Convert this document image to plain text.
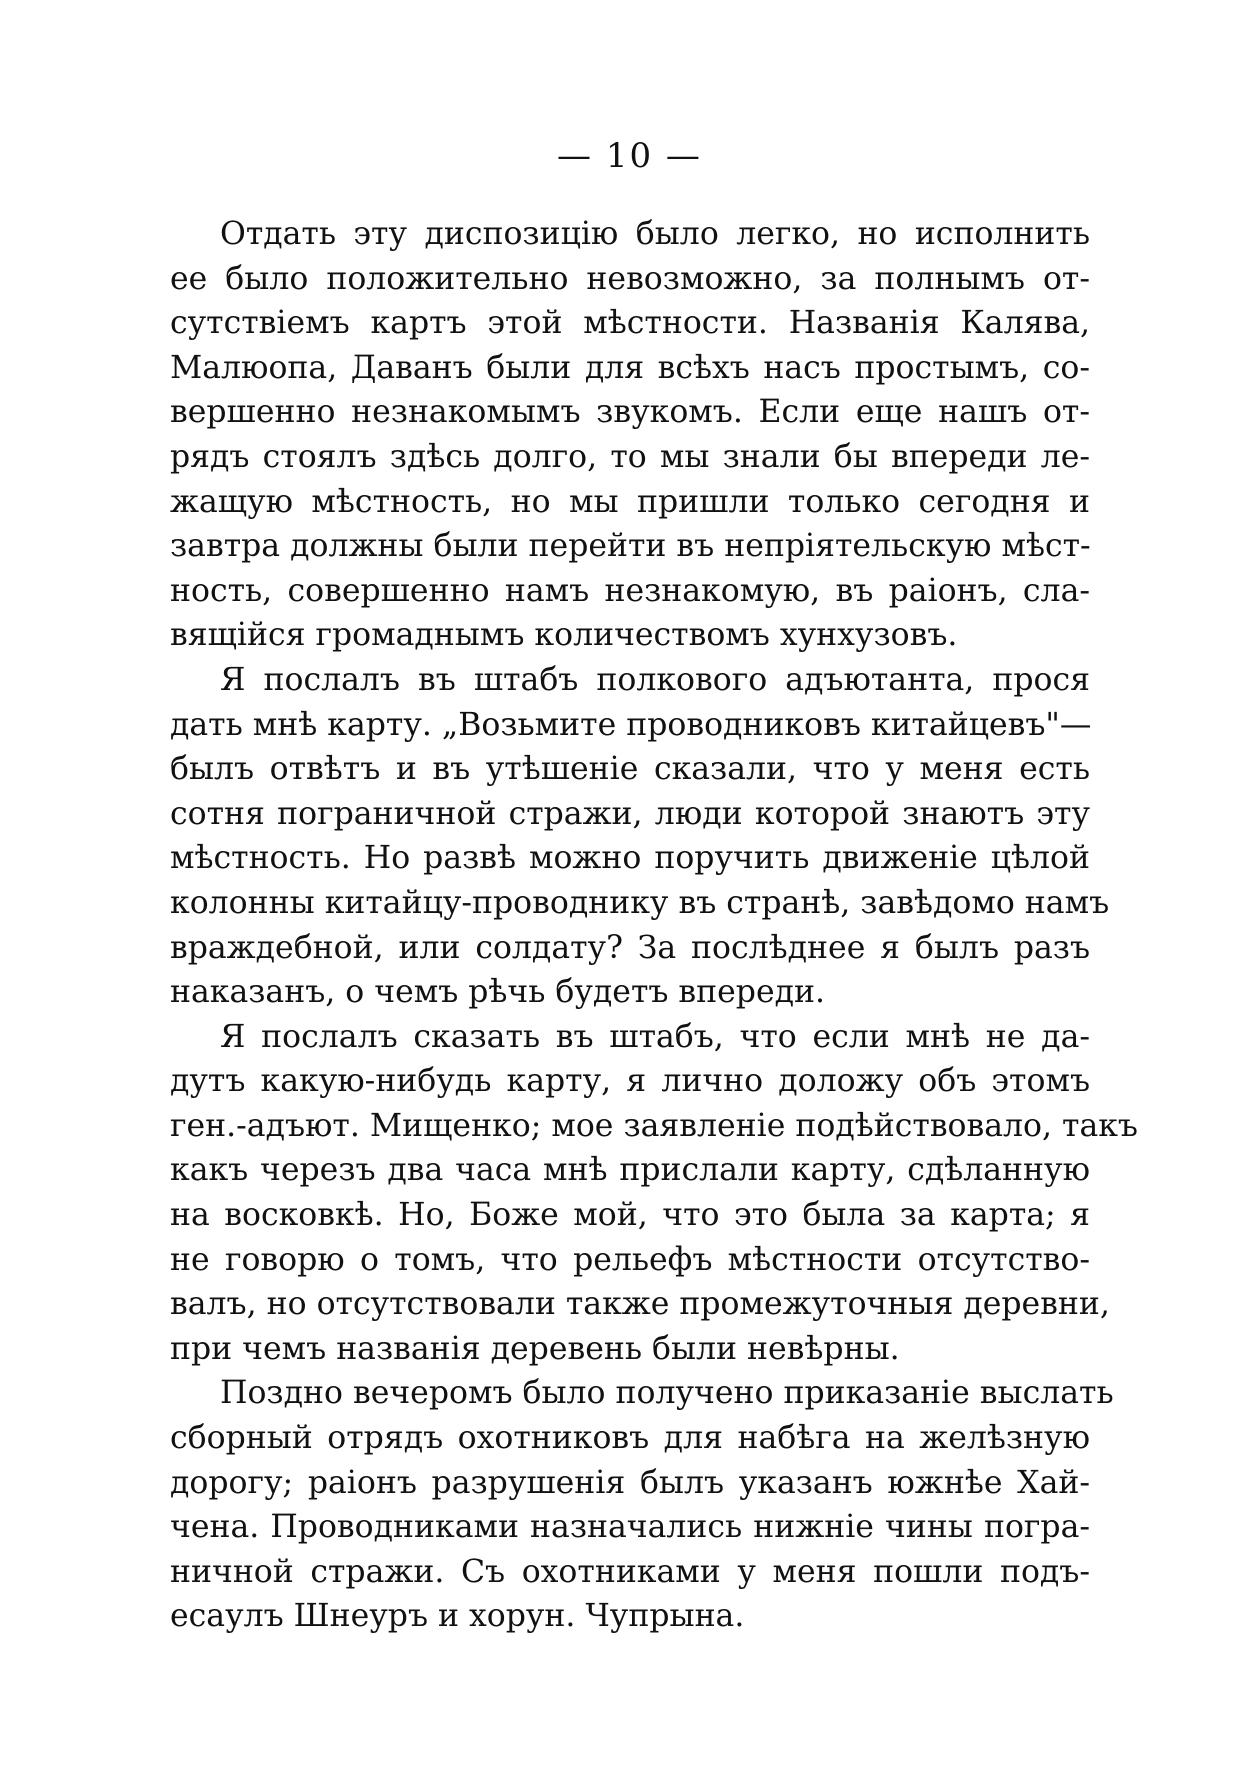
— 10 —
Отдать эту диспозицію было легко, но исполнить
ее было положительно невозможно, за полнымъ от-
сутствіемъ картъ этой мѣстности. Названія Калява,
Малюопа, Даванъ были для всѣхъ насъ простымъ, со-
вершенно незнакомымъ звукомъ. Если еще нашъ от-
рядъ стоялъ здѣсь долго, то мы знали бы впереди ле-
жащую мѣстность, но мы пришли только сегодня и
завтра должны были перейти въ непріятельскую мѣст-
ность, совершенно намъ незнакомую, въ раіонъ, сла-
вящійся громаднымъ количествомъ хунхузовъ.
Я послалъ въ штабъ полкового адъютанта, прося
дать мнѣ карту. „Возьмите проводниковъ китайцевъ"—
былъ отвѣтъ и въ утѣшеніе сказали, что у меня есть
сотня пограничной стражи, люди которой знаютъ эту
мѣстность. Но развѣ можно поручить движеніе цѣлой
колонны китайцу-проводнику въ странѣ, завѣдомо намъ
враждебной, или солдату? За послѣднее я былъ разъ
наказанъ, о чемъ рѣчь будетъ впереди.
Я послалъ сказать въ штабъ, что если мнѣ не да-
дутъ какую-нибудь карту, я лично доложу объ этомъ
ген.-адъют. Мищенко; мое заявленіе подѣйствовало, такъ
какъ черезъ два часа мнѣ прислали карту, сдѣланную
на восковкѣ. Но, Боже мой, что это была за карта; я
не говорю о томъ, что рельефъ мѣстности отсутство-
валъ, но отсутствовали также промежуточныя деревни,
при чемъ названія деревень были невѣрны.
Поздно вечеромъ было получено приказаніе выслать
сборный отрядъ охотниковъ для набѣга на желѣзную
дорогу; раіонъ разрушенія былъ указанъ южнѣе Хай-
чена. Проводниками назначались нижніе чины погра-
ничной стражи. Съ охотниками у меня пошли подъ-
есаулъ Шнеуръ и хорун. Чупрына.
